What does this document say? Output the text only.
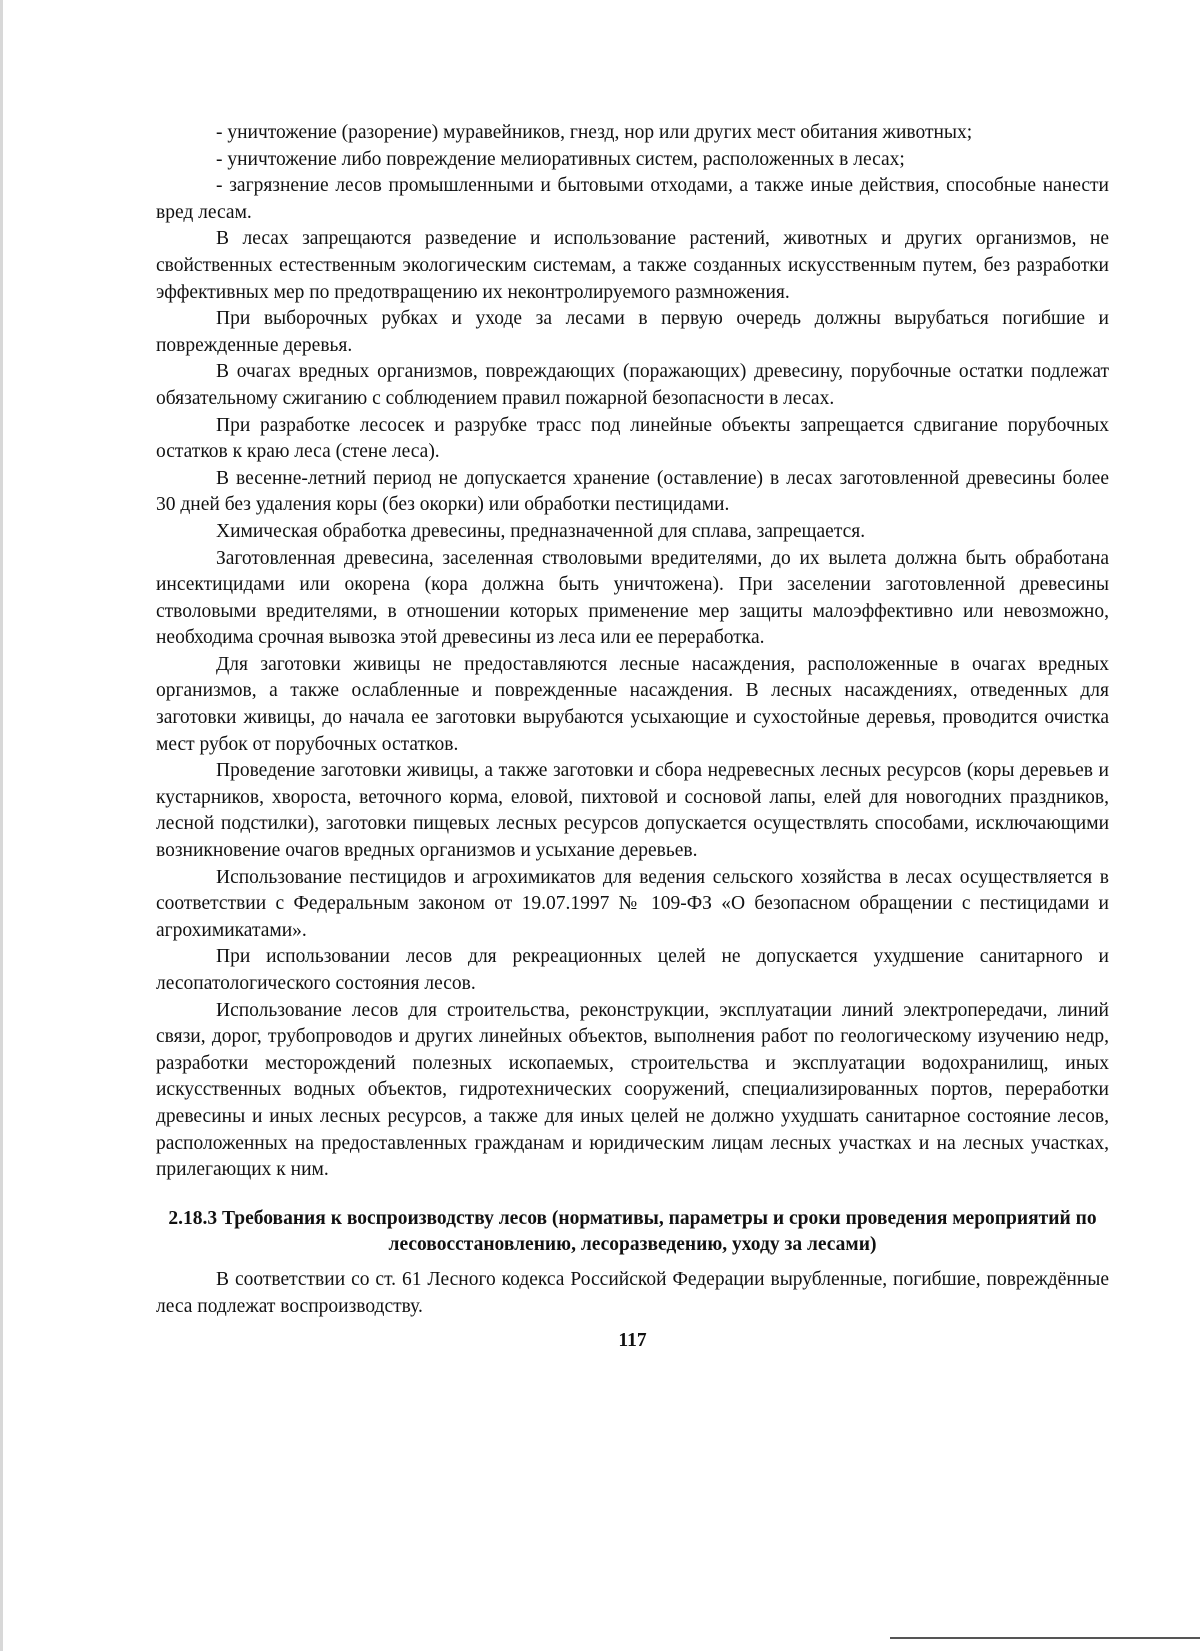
- уничтожение (разорение) муравейников, гнезд, нор или других мест обитания животных;

- уничтожение либо повреждение мелиоративных систем, расположенных в лесах;

- загрязнение лесов промышленными и бытовыми отходами, а также иные действия, способные нанести вред лесам.

В лесах запрещаются разведение и использование растений, животных и других организмов, не свойственных естественным экологическим системам, а также созданных искусственным путем, без разработки эффективных мер по предотвращению их неконтролируемого размножения.

При выборочных рубках и уходе за лесами в первую очередь должны вырубаться погибшие и поврежденные деревья.

В очагах вредных организмов, повреждающих (поражающих) древесину, порубочные остатки подлежат обязательному сжиганию с соблюдением правил пожарной безопасности в лесах.

При разработке лесосек и разрубке трасс под линейные объекты запрещается сдвигание порубочных остатков к краю леса (стене леса).

В весенне-летний период не допускается хранение (оставление) в лесах заготовленной древесины более 30 дней без удаления коры (без окорки) или обработки пестицидами.

Химическая обработка древесины, предназначенной для сплава, запрещается.

Заготовленная древесина, заселенная стволовыми вредителями, до их вылета должна быть обработана инсектицидами или окорена (кора должна быть уничтожена). При заселении заготовленной древесины стволовыми вредителями, в отношении которых применение мер защиты малоэффективно или невозможно, необходима срочная вывозка этой древесины из леса или ее переработка.

Для заготовки живицы не предоставляются лесные насаждения, расположенные в очагах вредных организмов, а также ослабленные и поврежденные насаждения. В лесных насаждениях, отведенных для заготовки живицы, до начала ее заготовки вырубаются усыхающие и сухостойные деревья, проводится очистка мест рубок от порубочных остатков.

Проведение заготовки живицы, а также заготовки и сбора недревесных лесных ресурсов (коры деревьев и кустарников, хвороста, веточного корма, еловой, пихтовой и сосновой лапы, елей для новогодних праздников, лесной подстилки), заготовки пищевых лесных ресурсов допускается осуществлять способами, исключающими возникновение очагов вредных организмов и усыхание деревьев.

Использование пестицидов и агрохимикатов для ведения сельского хозяйства в лесах осуществляется в соответствии с Федеральным законом от 19.07.1997 № 109-ФЗ «О безопасном обращении с пестицидами и агрохимикатами».

При использовании лесов для рекреационных целей не допускается ухудшение санитарного и лесопатологического состояния лесов.

Использование лесов для строительства, реконструкции, эксплуатации линий электропередачи, линий связи, дорог, трубопроводов и других линейных объектов, выполнения работ по геологическому изучению недр, разработки месторождений полезных ископаемых, строительства и эксплуатации водохранилищ, иных искусственных водных объектов, гидротехнических сооружений, специализированных портов, переработки древесины и иных лесных ресурсов, а также для иных целей не должно ухудшать санитарное состояние лесов, расположенных на предоставленных гражданам и юридическим лицам лесных участках и на лесных участках, прилегающих к ним.

2.18.3 Требования к воспроизводству лесов (нормативы, параметры и сроки проведения мероприятий по лесовосстановлению, лесоразведению, уходу за лесами)

В соответствии со ст. 61 Лесного кодекса Российской Федерации вырубленные, погибшие, повреждённые леса подлежат воспроизводству.

117
